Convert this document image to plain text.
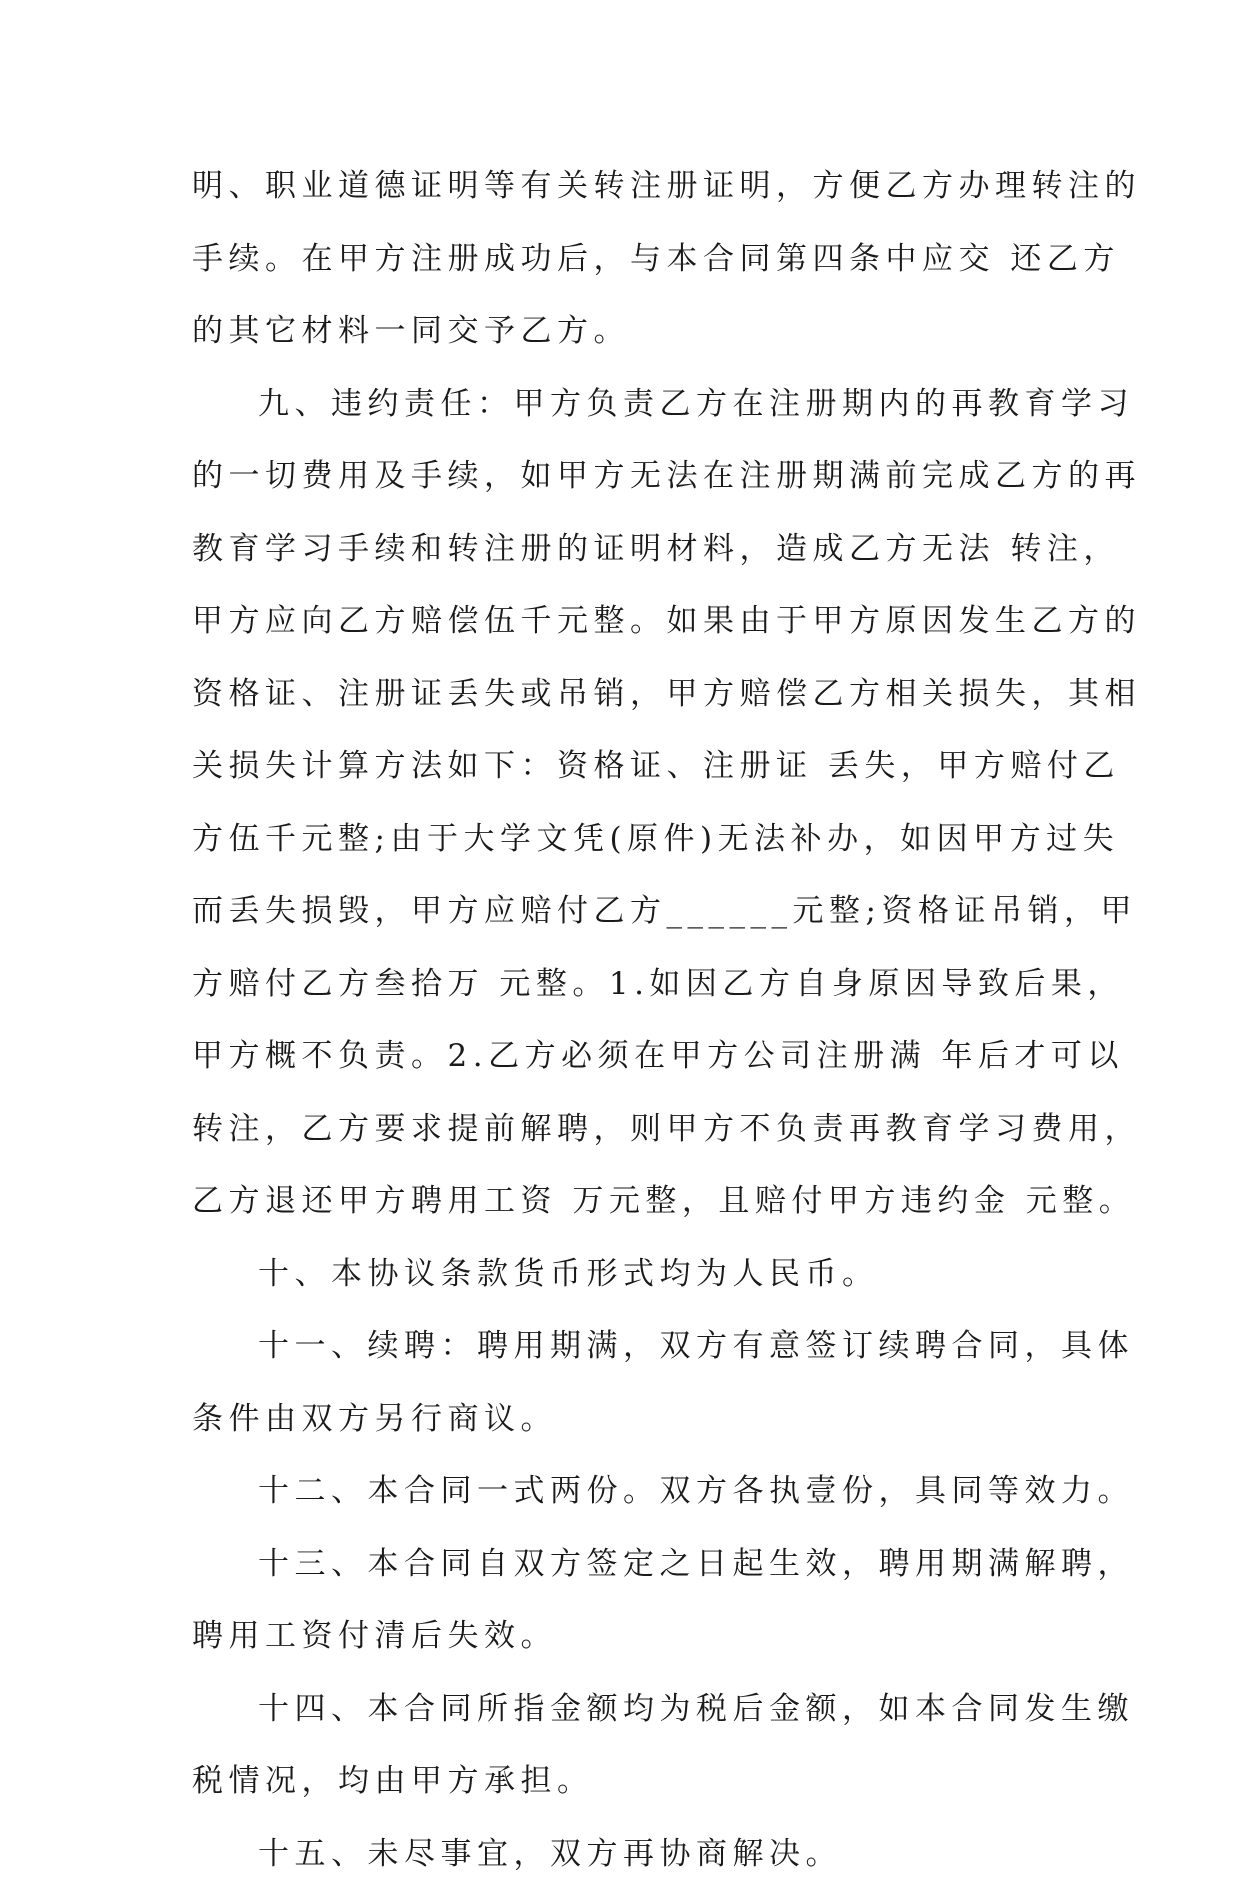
明、职业道德证明等有关转注册证明，方便乙方办理转注的
手续。在甲方注册成功后，与本合同第四条中应交 还乙方
的其它材料一同交予乙方。
九、违约责任：甲方负责乙方在注册期内的再教育学习
的一切费用及手续，如甲方无法在注册期满前完成乙方的再
教育学习手续和转注册的证明材料，造成乙方无法 转注，
甲方应向乙方赔偿伍千元整。如果由于甲方原因发生乙方的
资格证、注册证丢失或吊销，甲方赔偿乙方相关损失，其相
关损失计算方法如下：资格证、注册证 丢失，甲方赔付乙
方伍千元整;由于大学文凭(原件)无法补办，如因甲方过失
而丢失损毁，甲方应赔付乙方______元整;资格证吊销，甲
方赔付乙方叁拾万 元整。1.如因乙方自身原因导致后果，
甲方概不负责。2.乙方必须在甲方公司注册满 年后才可以
转注，乙方要求提前解聘，则甲方不负责再教育学习费用，
乙方退还甲方聘用工资 万元整，且赔付甲方违约金 元整。
十、本协议条款货币形式均为人民币。
十一、续聘：聘用期满，双方有意签订续聘合同，具体
条件由双方另行商议。
十二、本合同一式两份。双方各执壹份，具同等效力。
十三、本合同自双方签定之日起生效，聘用期满解聘，
聘用工资付清后失效。
十四、本合同所指金额均为税后金额，如本合同发生缴
税情况，均由甲方承担。
十五、未尽事宜，双方再协商解决。
